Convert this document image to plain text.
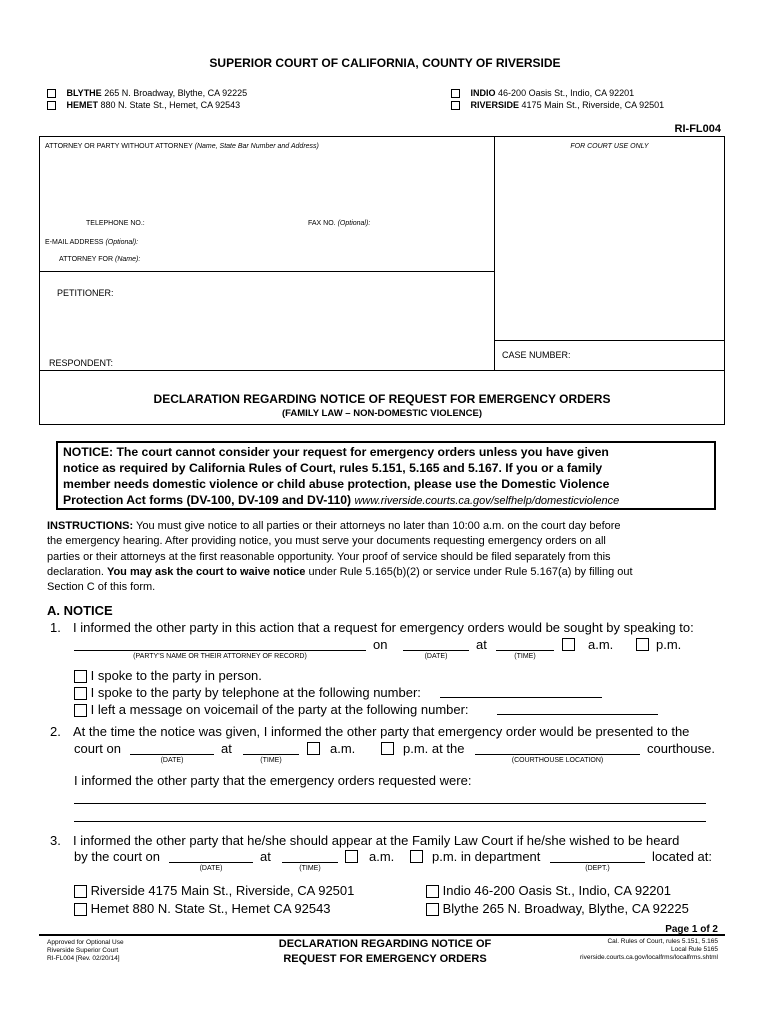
SUPERIOR COURT OF CALIFORNIA, COUNTY OF RIVERSIDE
BLYTHE 265 N. Broadway, Blythe, CA 92225
HEMET 880 N. State St., Hemet, CA 92543
INDIO 46-200 Oasis St., Indio, CA 92201
RIVERSIDE 4175 Main St., Riverside, CA 92501
RI-FL004
ATTORNEY OR PARTY WITHOUT ATTORNEY (Name, State Bar Number and Address)	FOR COURT USE ONLY
TELEPHONE NO.:	FAX NO. (Optional):
E-MAIL ADDRESS (Optional):
ATTORNEY FOR (Name):
PETITIONER:
RESPONDENT:
CASE NUMBER:
DECLARATION REGARDING NOTICE OF REQUEST FOR EMERGENCY ORDERS
(FAMILY LAW – NON-DOMESTIC VIOLENCE)
NOTICE: The court cannot consider your request for emergency orders unless you have given
notice as required by California Rules of Court, rules 5.151, 5.165 and 5.167. If you or a family
member needs domestic violence or child abuse protection, please use the Domestic Violence
Protection Act forms (DV-100, DV-109 and DV-110) www.riverside.courts.ca.gov/selfhelp/domesticviolence
INSTRUCTIONS: You must give notice to all parties or their attorneys no later than 10:00 a.m. on the court day before
the emergency hearing. After providing notice, you must serve your documents requesting emergency orders on all
parties or their attorneys at the first reasonable opportunity. Your proof of service should be filed separately from this
declaration. You may ask the court to waive notice under Rule 5.165(b)(2) or service under Rule 5.167(a) by filling out
Section C of this form.
A. NOTICE
1. I informed the other party in this action that a request for emergency orders would be sought by speaking to:
on	at	a.m.	p.m.
(PARTY'S NAME OR THEIR ATTORNEY OF RECORD)	(DATE)	(TIME)
I spoke to the party in person.
I spoke to the party by telephone at the following number:
I left a message on voicemail of the party at the following number:
2. At the time the notice was given, I informed the other party that emergency order would be presented to the
court on	at	a.m.	p.m. at the	courthouse.
(DATE)	(TIME)	(COURTHOUSE LOCATION)
I informed the other party that the emergency orders requested were:
3. I informed the other party that he/she should appear at the Family Law Court if he/she wished to be heard
by the court on	at	a.m.	p.m. in department	located at:
(DATE)	(TIME)	(DEPT.)
Riverside 4175 Main St., Riverside, CA 92501
Hemet 880 N. State St., Hemet CA 92543
Indio 46-200 Oasis St., Indio, CA 92201
Blythe 265 N. Broadway, Blythe, CA 92225
Page 1 of 2
Approved for Optional Use
Riverside Superior Court
RI-FL004 [Rev. 02/20/14]
DECLARATION REGARDING NOTICE OF
REQUEST FOR EMERGENCY ORDERS
Cal. Rules of Court, rules 5.151, 5.165
Local Rule 5165
riverside.courts.ca.gov/localfrms/localfrms.shtml
